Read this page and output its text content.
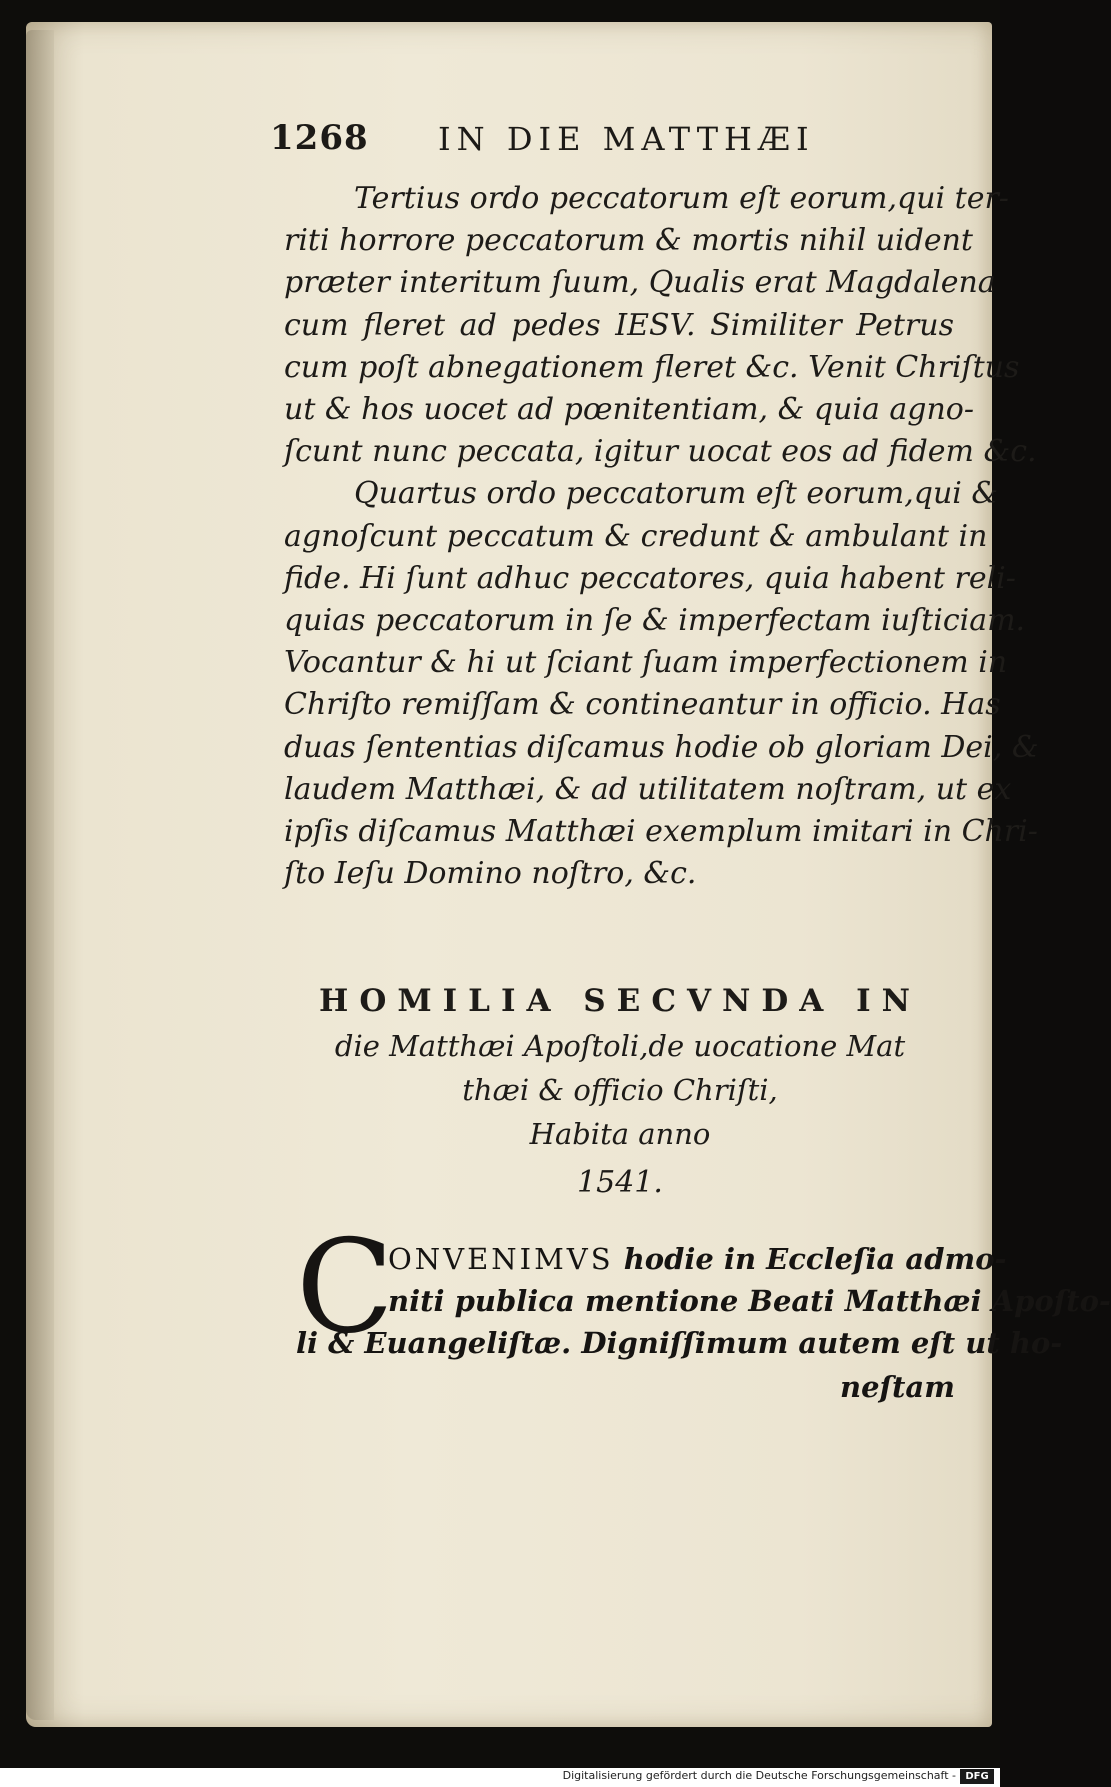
1268 IN DIE MATTHÆI
Tertius ordo peccatorum eſt eorum,qui ter-
riti horrore peccatorum & mortis nihil uident
præter interitum ſuum, Qualis erat Magdalena
cum fleret ad pedes IESV. Similiter Petrus
cum poſt abnegationem fleret &c. Venit Chriſtus
ut & hos uocet ad pœnitentiam, & quia agno-
ſcunt nunc peccata, igitur uocat eos ad fidem &c.
Quartus ordo peccatorum eſt eorum,qui &
agnoſcunt peccatum & credunt & ambulant in
fide. Hi ſunt adhuc peccatores, quia habent reli-
quias peccatorum in ſe & imperfectam iuſticiam.
Vocantur & hi ut ſciant ſuam imperfectionem in
Chriſto remiſſam & contineantur in officio. Has
duas ſententias diſcamus hodie ob gloriam Dei, &
laudem Matthæi, & ad utilitatem noſtram, ut ex
ipſis diſcamus Matthæi exemplum imitari in Chri-
ſto Ieſu Domino noſtro, &c.
HOMILIA SECVNDA IN
die Matthæi Apoſtoli,de uocatione Mat
thæi & officio Chriſti,
Habita anno
1541.
C
ONVENIMVS hodie in Eccleſia admo-
niti publica mentione Beati Matthæi Apoſto-
li & Euangeliſtæ. Digniſſimum autem eſt ut ho-
neſtam
Digitalisierung gefördert durch die Deutsche Forschungsgemeinschaft - DFG
